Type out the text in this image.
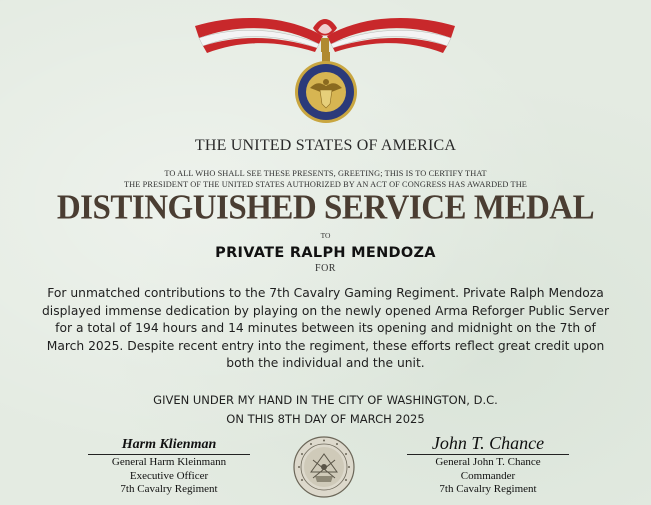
THE UNITED STATES OF AMERICA
TO ALL WHO SHALL SEE THESE PRESENTS, GREETING; THIS IS TO CERTIFY THAT
THE PRESIDENT OF THE UNITED STATES AUTHORIZED BY AN ACT OF CONGRESS HAS AWARDED THE
DISTINGUISHED SERVICE MEDAL
TO
PRIVATE RALPH MENDOZA
FOR
For unmatched contributions to the 7th Cavalry Gaming Regiment. Private Ralph Mendoza displayed immense dedication by playing on the newly opened Arma Reforger Public Server for a total of 194 hours and 14 minutes between its opening and midnight on the 7th of March 2025. Despite recent entry into the regiment, these efforts reflect great credit upon both the individual and the unit.
GIVEN UNDER MY HAND IN THE CITY OF WASHINGTON, D.C.
ON THIS 8TH DAY OF MARCH 2025
Harm Klienman
General Harm Kleinmann
Executive Officer
7th Cavalry Regiment
John T. Chance
General John T. Chance
Commander
7th Cavalry Regiment
